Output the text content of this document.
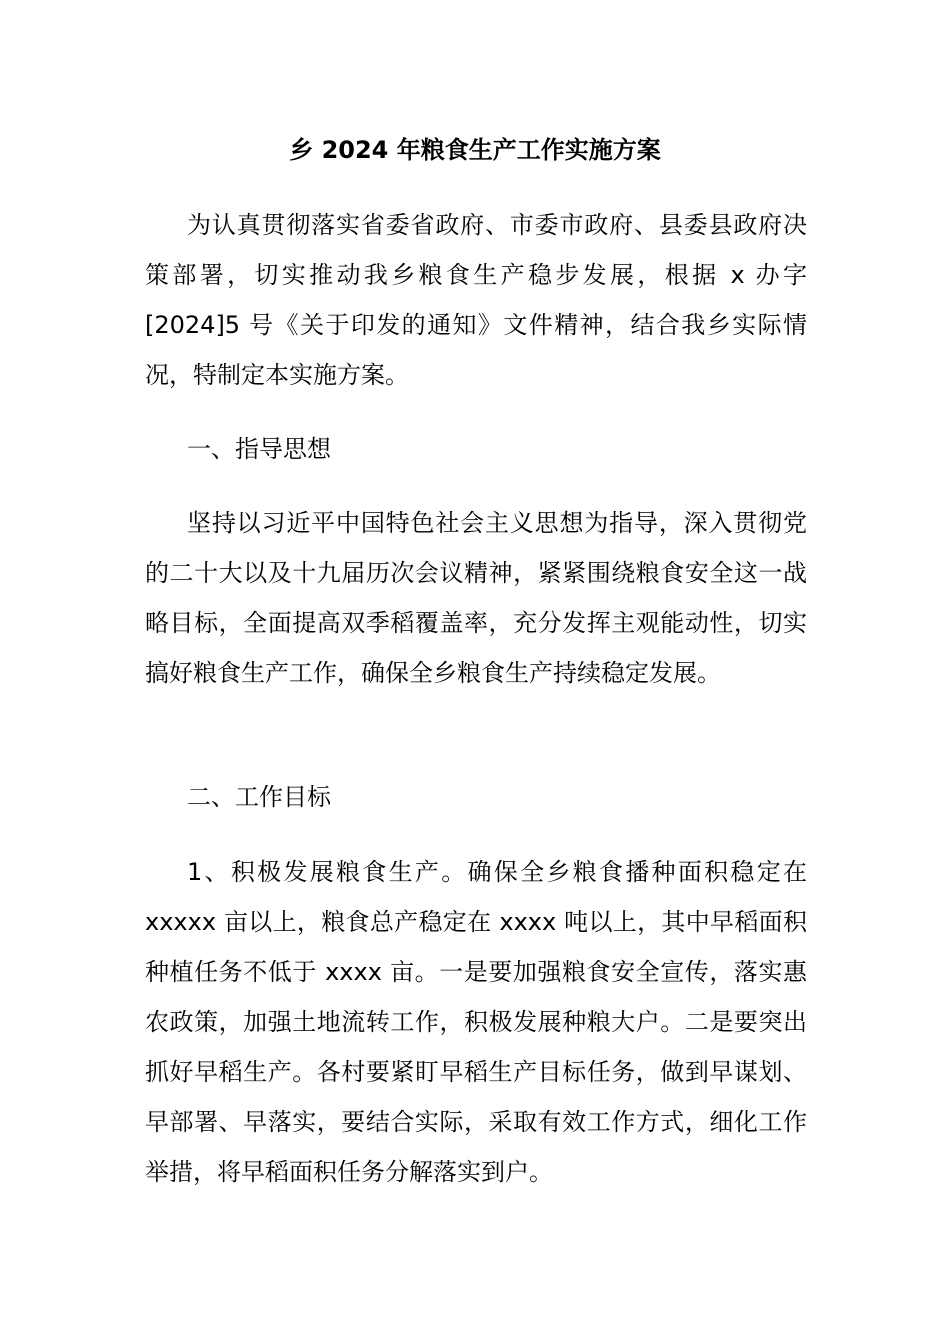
乡 2024 年粮食生产工作实施方案

为认真贯彻落实省委省政府、市委市政府、县委县政府决策部署，切实推动我乡粮食生产稳步发展，根据 x 办字[2024]5 号《关于印发的通知》文件精神，结合我乡实际情况，特制定本实施方案。

一、指导思想

坚持以习近平中国特色社会主义思想为指导，深入贯彻党的二十大以及十九届历次会议精神，紧紧围绕粮食安全这一战略目标，全面提高双季稻覆盖率，充分发挥主观能动性，切实搞好粮食生产工作，确保全乡粮食生产持续稳定发展。

二、工作目标

1、积极发展粮食生产。确保全乡粮食播种面积稳定在 xxxxx 亩以上，粮食总产稳定在 xxxx 吨以上，其中早稻面积种植任务不低于 xxxx 亩。一是要加强粮食安全宣传，落实惠农政策，加强土地流转工作，积极发展种粮大户。二是要突出抓好早稻生产。各村要紧盯早稻生产目标任务，做到早谋划、早部署、早落实，要结合实际，采取有效工作方式，细化工作举措，将早稻面积任务分解落实到户。
